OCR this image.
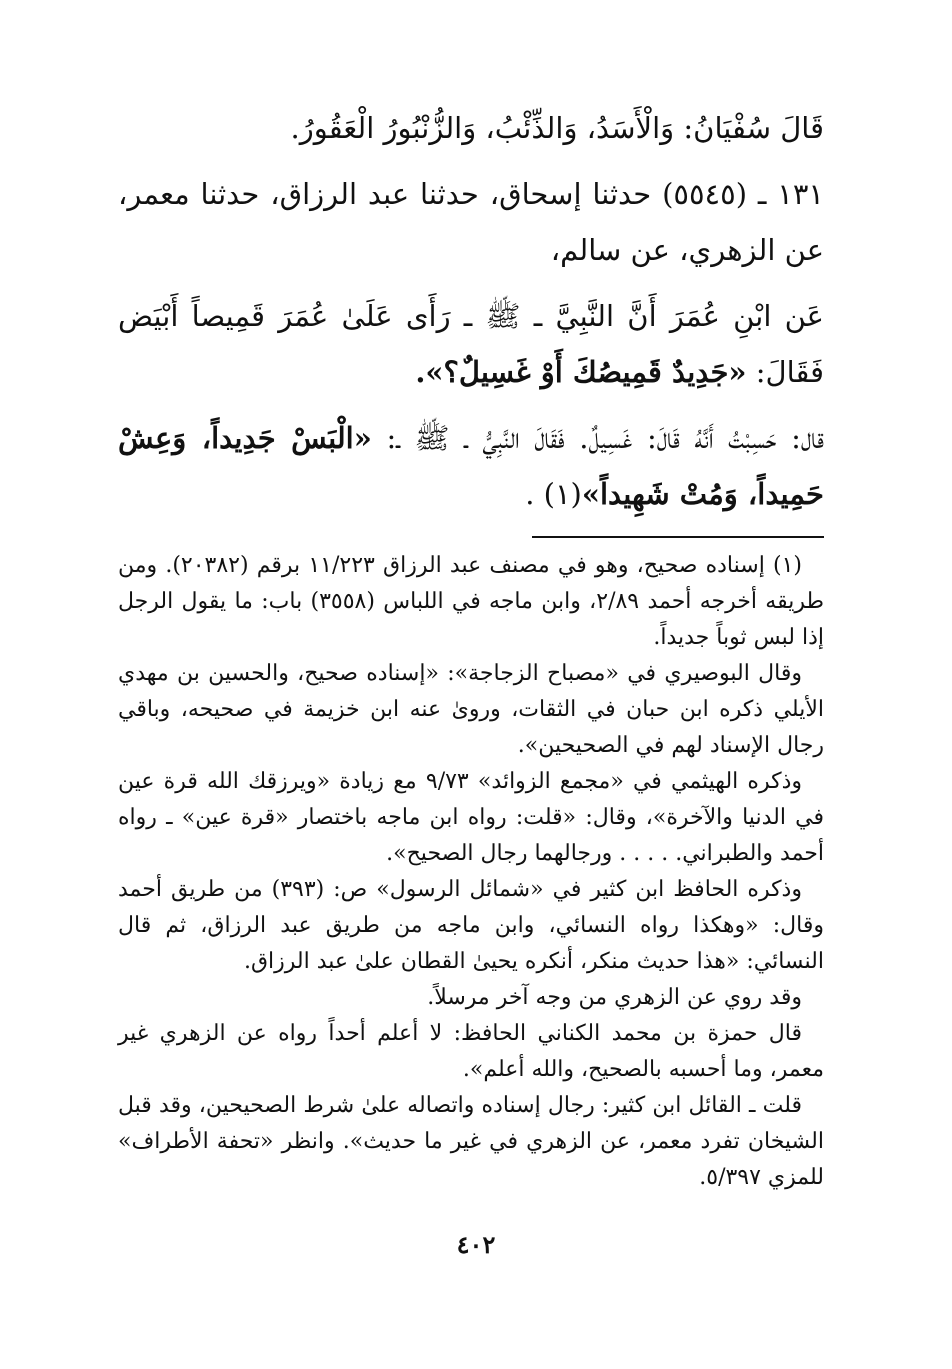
قَالَ سُفْيَانُ: وَالْأَسَدُ، وَالذِّئْبُ، وَالزُّنْبُورُ الْعَقُورُ.

١٣١ ـ (٥٥٤٥) حدثنا إسحاق، حدثنا عبد الرزاق، حدثنا معمر، عن الزهري، عن سالم،

عَن ابْنِ عُمَرَ أَنَّ النَّبِيَّ ـ ﷺ ـ رَأَى عَلَىٰ عُمَرَ قَمِيصاً أَبْيَض فَقَالَ: «جَدِيدٌ قَمِيصُكَ أَوْ غَسِيلٌ؟».

قال: حَسِبْتُ أَنَّهُ قَالَ: غَسِيلٌ. فَقَالَ النَّبِيُّ ـ ﷺ ـ: «الْبَسْ جَدِيداً، وَعِشْ حَمِيداً، وَمُتْ شَهِيداً»(١) .

(١) إسناده صحيح، وهو في مصنف عبد الرزاق ١١/٢٢٣ برقم (٢٠٣٨٢). ومن طريقه أخرجه أحمد ٢/٨٩، وابن ماجه في اللباس (٣٥٥٨) باب: ما يقول الرجل إذا لبس ثوباً جديداً.

وقال البوصيري في «مصباح الزجاجة»: «إسناده صحيح، والحسين بن مهدي الأيلي ذكره ابن حبان في الثقات، وروىٰ عنه ابن خزيمة في صحيحه، وباقي رجال الإسناد لهم في الصحيحين».

وذكره الهيثمي في «مجمع الزوائد» ٩/٧٣ مع زيادة «ويرزقك الله قرة عين في الدنيا والآخرة»، وقال: «قلت: رواه ابن ماجه باختصار «قرة عين» ـ رواه أحمد والطبراني. . . . . ورجالهما رجال الصحيح».

وذكره الحافظ ابن كثير في «شمائل الرسول» ص: (٣٩٣) من طريق أحمد وقال: «وهكذا رواه النسائي، وابن ماجه من طريق عبد الرزاق، ثم قال النسائي: «هذا حديث منكر، أنكره يحيىٰ القطان علىٰ عبد الرزاق.

وقد روي عن الزهري من وجه آخر مرسلاً.

قال حمزة بن محمد الكناني الحافظ: لا أعلم أحداً رواه عن الزهري غير معمر، وما أحسبه بالصحيح، والله أعلم».

قلت ـ القائل ابن كثير: رجال إسناده واتصاله علىٰ شرط الصحيحين، وقد قبل الشيخان تفرد معمر، عن الزهري في غير ما حديث». وانظر «تحفة الأطراف» للمزي ٥/٣٩٧.

٤٠٢
